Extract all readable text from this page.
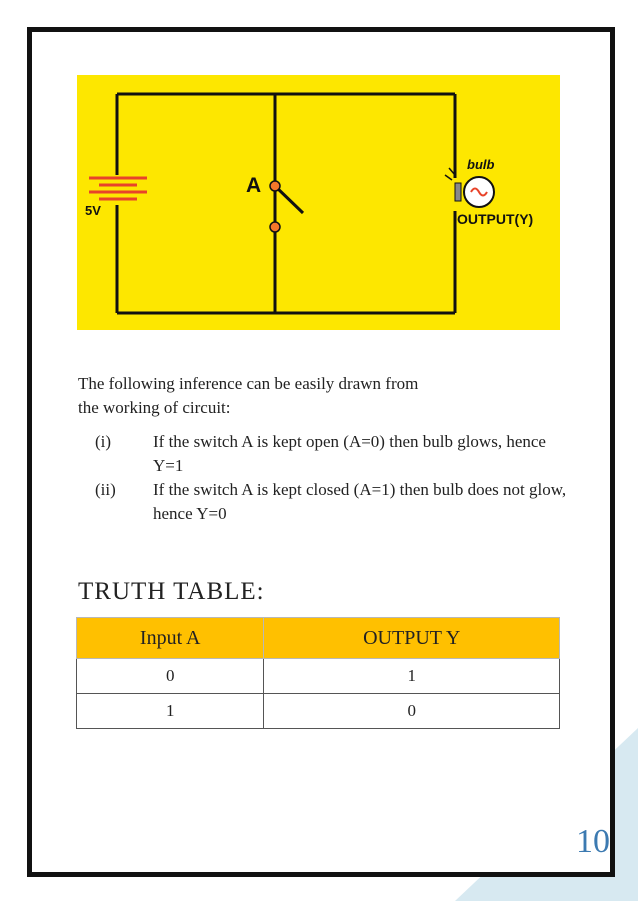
5V
A
bulb
OUTPUT(Y)
The following inference can be easily drawn from
the working of circuit:
(i) If the switch A is kept open (A=0) then bulb glows, hence Y=1
(ii) If the switch A is kept closed (A=1) then bulb does not glow, hence Y=0
TRUTH TABLE:
Input A	OUTPUT Y
0	1
1	0
10
